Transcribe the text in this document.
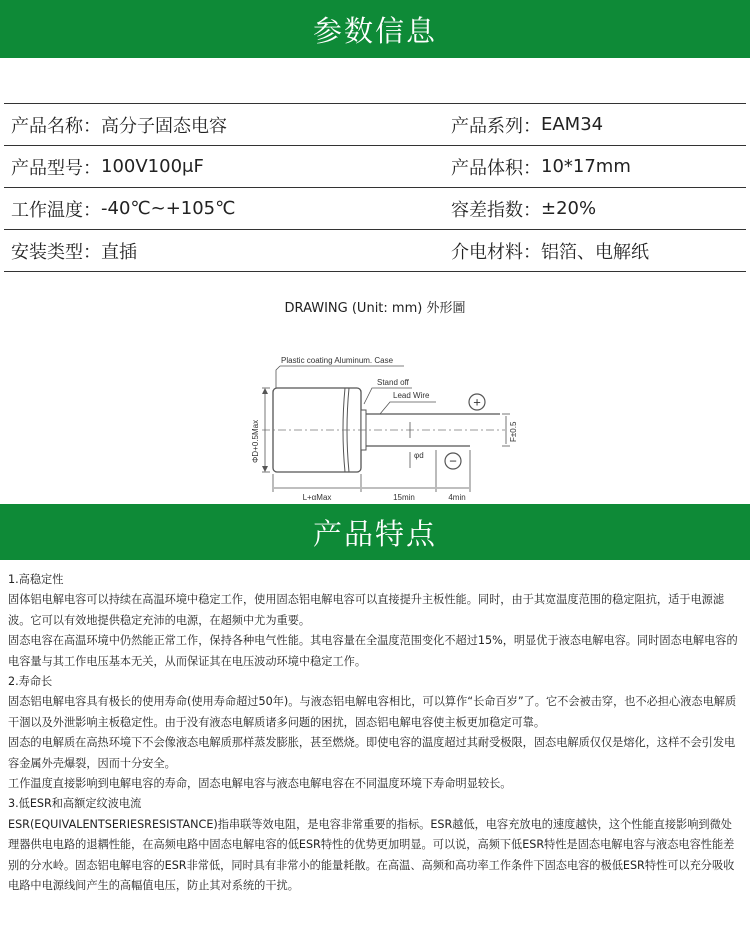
参数信息
产品名称： 高分子固态电容	产品系列： EAM34
产品型号： 100V100μF	产品体积： 10*17mm
工作温度： -40℃~+105℃	容差指数： ±20%
安装类型： 直插	介电材料： 铝箔、电解纸
DRAWING (Unit: mm) 外形圖
ΦD+0.5Max	F±0.5
+
−
φd
Plastic coating Aluminum. Case
Stand off
Lead Wire
L+αMax	15min	4min
产品特点

1.高稳定性

固体铝电解电容可以持续在高温环境中稳定工作，使用固态铝电解电容可以直接提升主板性能。同时，由于其宽温度范围的稳定阻抗，适于电源滤波。它可以有效地提供稳定充沛的电源，在超频中尤为重要。

固态电容在高温环境中仍然能正常工作，保持各种电气性能。其电容量在全温度范围变化不超过15%，明显优于液态电解电容。同时固态电解电容的电容量与其工作电压基本无关，从而保证其在电压波动环境中稳定工作。

2.寿命长

固态铝电解电容具有极长的使用寿命(使用寿命超过50年)。与液态铝电解电容相比，可以算作“长命百岁”了。它不会被击穿，也不必担心液态电解质干涸以及外泄影响主板稳定性。由于没有液态电解质诸多问题的困扰，固态铝电解电容使主板更加稳定可靠。

固态的电解质在高热环境下不会像液态电解质那样蒸发膨胀，甚至燃烧。即使电容的温度超过其耐受极限，固态电解质仅仅是熔化，这样不会引发电容金属外壳爆裂，因而十分安全。

工作温度直接影响到电解电容的寿命，固态电解电容与液态电解电容在不同温度环境下寿命明显较长。

3.低ESR和高额定纹波电流

ESR(EQUIVALENTSERIESRESISTANCE)指串联等效电阻，是电容非常重要的指标。ESR越低，电容充放电的速度越快，这个性能直接影响到微处理器供电电路的退耦性能，在高频电路中固态电解电容的低ESR特性的优势更加明显。可以说，高频下低ESR特性是固态电解电容与液态电容性能差别的分水岭。固态铝电解电容的ESR非常低，同时具有非常小的能量耗散。在高温、高频和高功率工作条件下固态电容的极低ESR特性可以充分吸收电路中电源线间产生的高幅值电压，防止其对系统的干扰。
